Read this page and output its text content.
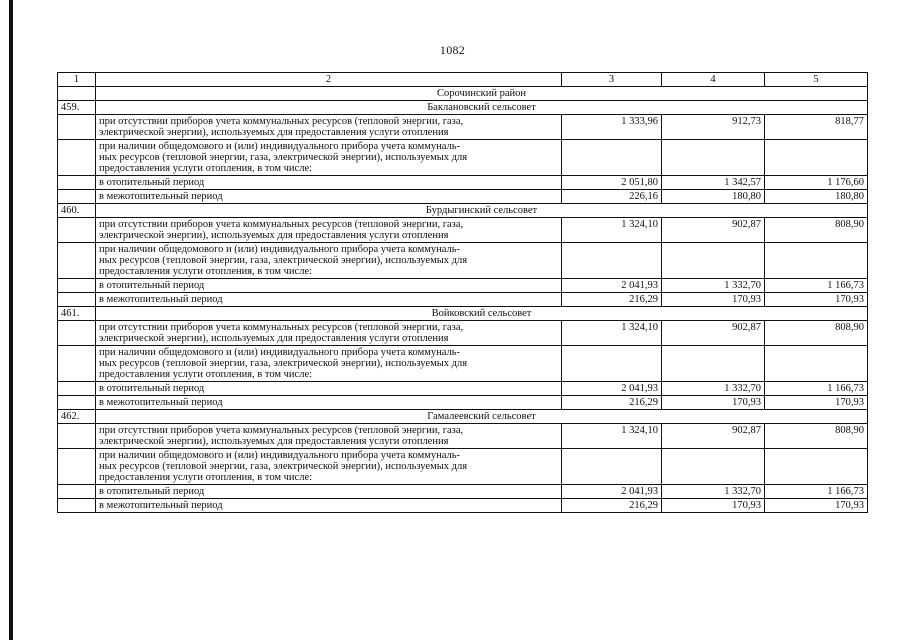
1082
1	2	3	4	5
	Сорочинский район			
459.	Баклановский сельсовет			

	при отсутствии приборов учета коммунальных ресурсов (тепловой энергии, газа,
электрической энергии), используемых для предоставления услуги отопления	1 333,96	912,73	818,77

	при наличии общедомового и (или) индивидуального прибора учета коммуналь-
ных ресурсов (тепловой энергии, газа, электрической энергии), используемых для
предоставления услуги отопления, в том числе:			

	в отопительный период	2 051,80	1 342,57	1 176,60

	в межотопительный период	226,16	180,80	180,80
460.	Бурдыгинский сельсовет			

	при отсутствии приборов учета коммунальных ресурсов (тепловой энергии, газа,
электрической энергии), используемых для предоставления услуги отопления	1 324,10	902,87	808,90

	при наличии общедомового и (или) индивидуального прибора учета коммуналь-
ных ресурсов (тепловой энергии, газа, электрической энергии), используемых для
предоставления услуги отопления, в том числе:			

	в отопительный период	2 041,93	1 332,70	1 166,73

	в межотопительный период	216,29	170,93	170,93
461.	Войковский сельсовет			

	при отсутствии приборов учета коммунальных ресурсов (тепловой энергии, газа,
электрической энергии), используемых для предоставления услуги отопления	1 324,10	902,87	808,90

	при наличии общедомового и (или) индивидуального прибора учета коммуналь-
ных ресурсов (тепловой энергии, газа, электрической энергии), используемых для
предоставления услуги отопления, в том числе:			

	в отопительный период	2 041,93	1 332,70	1 166,73

	в межотопительный период	216,29	170,93	170,93
462.	Гамалеевский сельсовет			

	при отсутствии приборов учета коммунальных ресурсов (тепловой энергии, газа,
электрической энергии), используемых для предоставления услуги отопления	1 324,10	902,87	808,90

	при наличии общедомового и (или) индивидуального прибора учета коммуналь-
ных ресурсов (тепловой энергии, газа, электрической энергии), используемых для
предоставления услуги отопления, в том числе:			

	в отопительный период	2 041,93	1 332,70	1 166,73

	в межотопительный период	216,29	170,93	170,93
